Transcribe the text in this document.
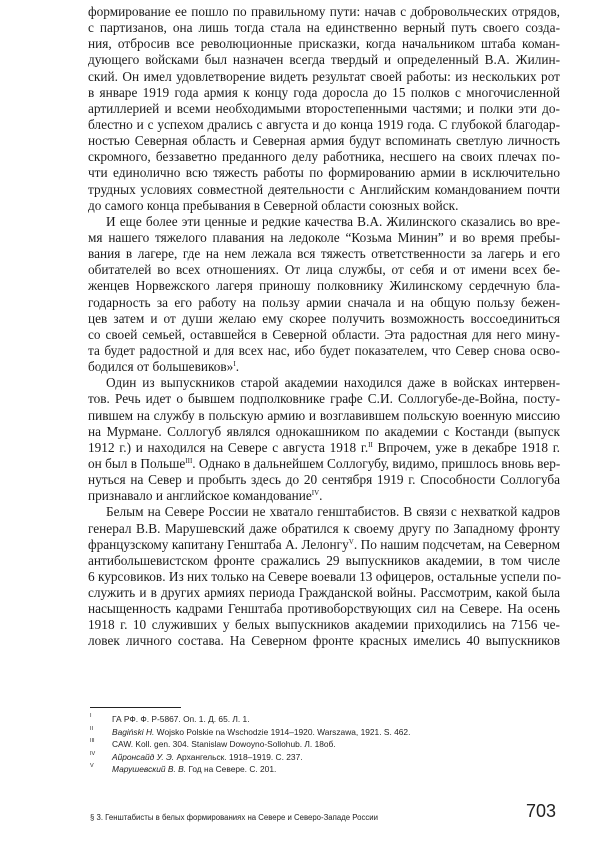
формирование ее пошло по правильному пути: начав с добровольческих отрядов,
с партизанов, она лишь тогда стала на единственно верный путь своего созда-
ния, отбросив все революционные присказки, когда начальником штаба коман-
дующего войсками был назначен всегда твердый и определенный В.А. Жилин-
ский. Он имел удовлетворение видеть результат своей работы: из нескольких рот
в январе 1919 года армия к концу года доросла до 15 полков с многочисленной
артиллерией и всеми необходимыми второстепенными частями; и полки эти до-
блестно и с успехом дрались с августа и до конца 1919 года. С глубокой благодар-
ностью Северная область и Северная армия будут вспоминать светлую личность
скромного, беззаветно преданного делу работника, несшего на своих плечах по-
чти единолично всю тяжесть работы по формированию армии в исключительно
трудных условиях совместной деятельности с Английским командованием почти
до самого конца пребывания в Северной области союзных войск.
И еще более эти ценные и редкие качества В.А. Жилинского сказались во вре-
мя нашего тяжелого плавания на ледоколе “Козьма Минин” и во время пребы-
вания в лагере, где на нем лежала вся тяжесть ответственности за лагерь и его
обитателей во всех отношениях. От лица службы, от себя и от имени всех бе-
женцев Норвежского лагеря приношу полковнику Жилинскому сердечную бла-
годарность за его работу на пользу армии сначала и на общую пользу бежен-
цев затем и от души желаю ему скорее получить возможность воссоединиться
со своей семьей, оставшейся в Северной области. Эта радостная для него мину-
та будет радостной и для всех нас, ибо будет показателем, что Север снова осво-
бодился от большевиков»$^I$.
Один из выпускников старой академии находился даже в войсках интервен-
тов. Речь идет о бывшем подполковнике графе С.И. Соллогубе-де-Война, посту-
пившем на службу в польскую армию и возглавившем польскую военную миссию
на Мурмане. Соллогуб являлся однокашником по академии с Костанди (выпуск
1912 г.) и находился на Севере с августа 1918 г.$^{II}$ Впрочем, уже в декабре 1918 г.
он был в Польше$^{III}$. Однако в дальнейшем Соллогубу, видимо, пришлось вновь вер-
нуться на Север и пробыть здесь до 20 сентября 1919 г. Способности Соллогуба
признавало и английское командование$^{IV}$.
Белым на Севере России не хватало генштабистов. В связи с нехваткой кадров
генерал В.В. Марушевский даже обратился к своему другу по Западному фронту
французскому капитану Генштаба А. Лелонгу$^V$. По нашим подсчетам, на Северном
антибольшевистском фронте сражались 29 выпускников академии, в том числе
6 курсовиков. Из них только на Севере воевали 13 офицеров, остальные успели по-
служить и в других армиях периода Гражданской войны. Рассмотрим, какой была
насыщенность кадрами Генштаба противоборствующих сил на Севере. На осень
1918 г. 10 служивших у белых выпускников академии приходились на 7156 че-
ловек личного состава. На Северном фронте красных имелись 40 выпускников
I ГА РФ. Ф. Р-5867. Оп. 1. Д. 65. Л. 1.
II Bagiński H. Wojsko Polskie na Wschodzie 1914–1920. Warszawa, 1921. S. 462.
III CAW. Koll. gen. 304. Stanislaw Dowoyno-Sollohub. Л. 18об.
IV Айронсайд У. Э. Архангельск. 1918–1919. С. 237.
V Марушевский В. В. Год на Севере. С. 201.
§ 3. Генштабисты в белых формированиях на Севере и Северо-Западе России	703
